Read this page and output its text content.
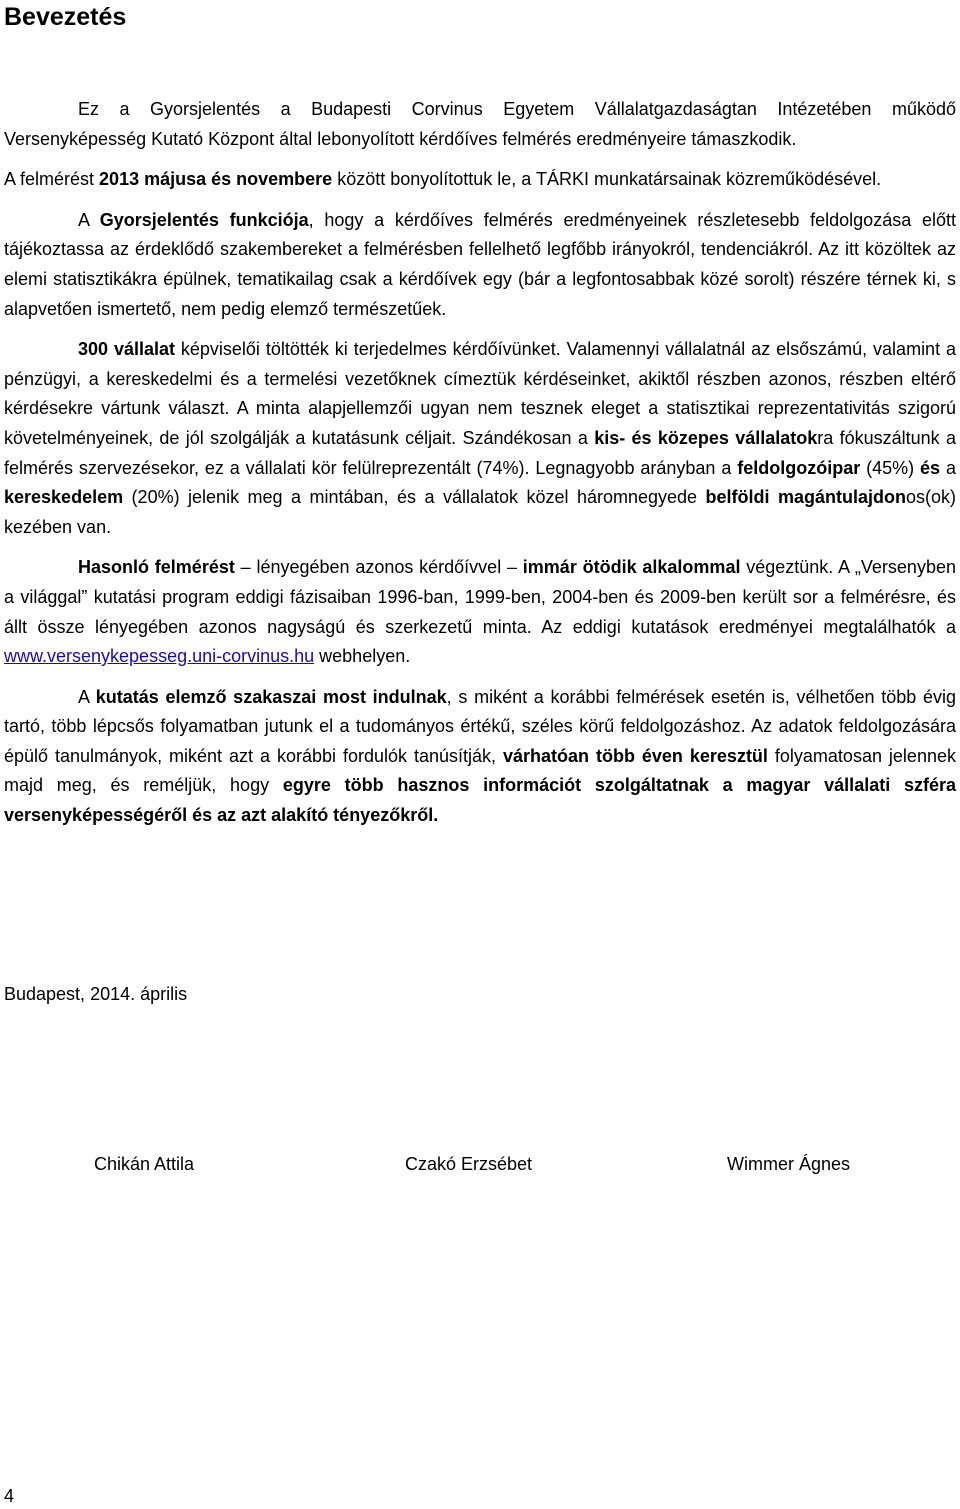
Bevezetés

Ez a Gyorsjelentés a Budapesti Corvinus Egyetem Vállalatgazdaságtan Intézetében működő Versenyképesség Kutató Központ által lebonyolított kérdőíves felmérés eredményeire támaszkodik.

A felmérést 2013 májusa és novembere között bonyolítottuk le, a TÁRKI munkatársainak közreműködésével.

A Gyorsjelentés funkciója, hogy a kérdőíves felmérés eredményeinek részletesebb feldolgozása előtt tájékoztassa az érdeklődő szakembereket a felmérésben fellelhető legfőbb irányokról, tendenciákról. Az itt közöltek az elemi statisztikákra épülnek, tematikailag csak a kérdőívek egy (bár a legfontosabbak közé sorolt) részére térnek ki, s alapvetően ismertető, nem pedig elemző természetűek.

300 vállalat képviselői töltötték ki terjedelmes kérdőívünket. Valamennyi vállalatnál az elsőszámú, valamint a pénzügyi, a kereskedelmi és a termelési vezetőknek címeztük kérdéseinket, akiktől részben azonos, részben eltérő kérdésekre vártunk választ. A minta alapjellemzői ugyan nem tesznek eleget a statisztikai reprezentativitás szigorú követelményeinek, de jól szolgálják a kutatásunk céljait. Szándékosan a kis- és közepes vállalatokra fókuszáltunk a felmérés szervezésekor, ez a vállalati kör felülreprezentált (74%). Legnagyobb arányban a feldolgozóipar (45%) és a kereskedelem (20%) jelenik meg a mintában, és a vállalatok közel háromnegyede belföldi magántulajdonos(ok) kezében van.

Hasonló felmérést – lényegében azonos kérdőívvel – immár ötödik alkalommal végeztünk. A „Versenyben a világgal” kutatási program eddigi fázisaiban 1996-ban, 1999-ben, 2004-ben és 2009-ben került sor a felmérésre, és állt össze lényegében azonos nagyságú és szerkezetű minta. Az eddigi kutatások eredményei megtalálhatók a www.versenykepesseg.uni-corvinus.hu webhelyen.

A kutatás elemző szakaszai most indulnak, s miként a korábbi felmérések esetén is, vélhetően több évig tartó, több lépcsős folyamatban jutunk el a tudományos értékű, széles körű feldolgozáshoz. Az adatok feldolgozására épülő tanulmányok, miként azt a korábbi fordulók tanúsítják, várhatóan több éven keresztül folyamatosan jelennek majd meg, és reméljük, hogy egyre több hasznos információt szolgáltatnak a magyar vállalati szféra versenyképességéről és az azt alakító tényezőkről.

Budapest, 2014. április
Chikán Attila	Czakó Erzsébet	Wimmer Ágnes
4
